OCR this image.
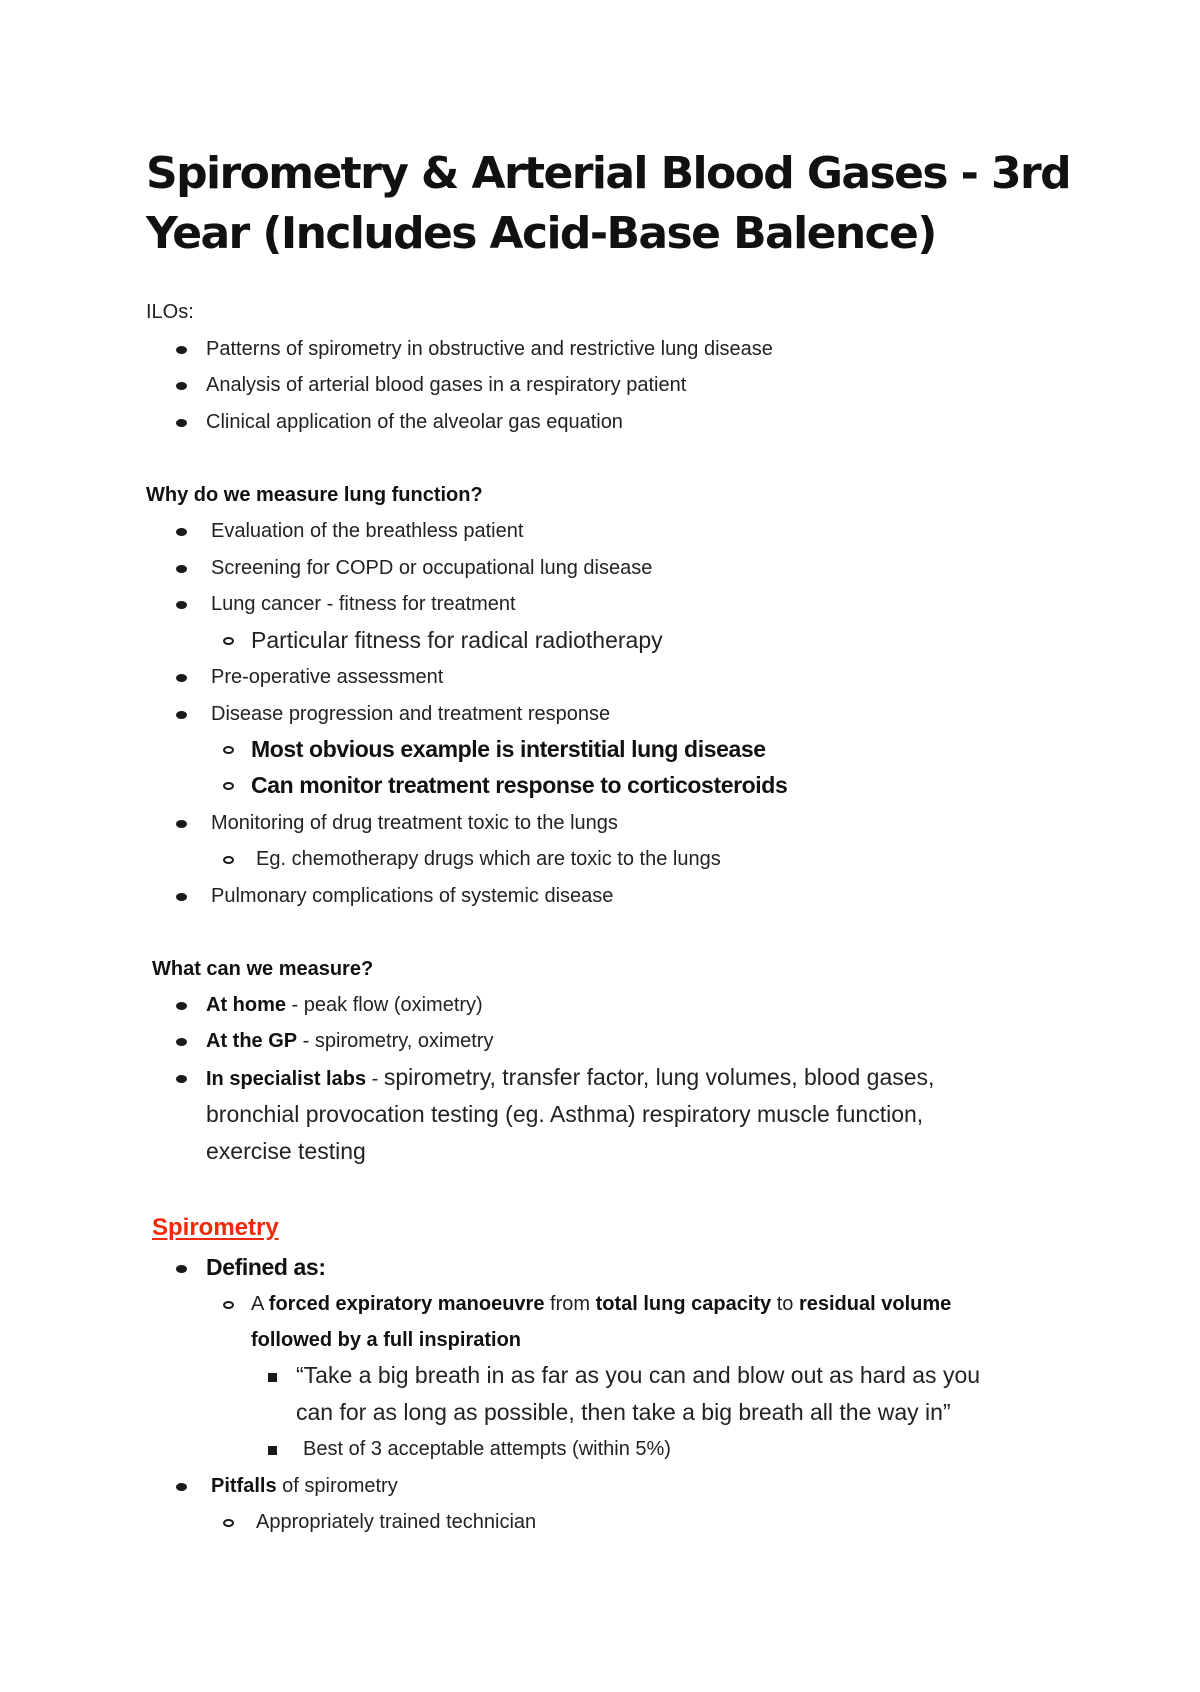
Spirometry & Arterial Blood Gases - 3rd
Year (Includes Acid-Base Balence)
ILOs:
Patterns of spirometry in obstructive and restrictive lung disease
Analysis of arterial blood gases in a respiratory patient
Clinical application of the alveolar gas equation
Why do we measure lung function?
Evaluation of the breathless patient
Screening for COPD or occupational lung disease
Lung cancer - fitness for treatment
Particular fitness for radical radiotherapy
Pre-operative assessment
Disease progression and treatment response
Most obvious example is interstitial lung disease
Can monitor treatment response to corticosteroids
Monitoring of drug treatment toxic to the lungs
Eg. chemotherapy drugs which are toxic to the lungs
Pulmonary complications of systemic disease
What can we measure?
At home - peak flow (oximetry)
At the GP - spirometry, oximetry
In specialist labs - spirometry, transfer factor, lung volumes, blood gases,
bronchial provocation testing (eg. Asthma) respiratory muscle function,
exercise testing
Spirometry
Defined as:
A forced expiratory manoeuvre from total lung capacity to residual volume
followed by a full inspiration
“Take a big breath in as far as you can and blow out as hard as you
can for as long as possible, then take a big breath all the way in”
Best of 3 acceptable attempts (within 5%)
Pitfalls of spirometry
Appropriately trained technician
